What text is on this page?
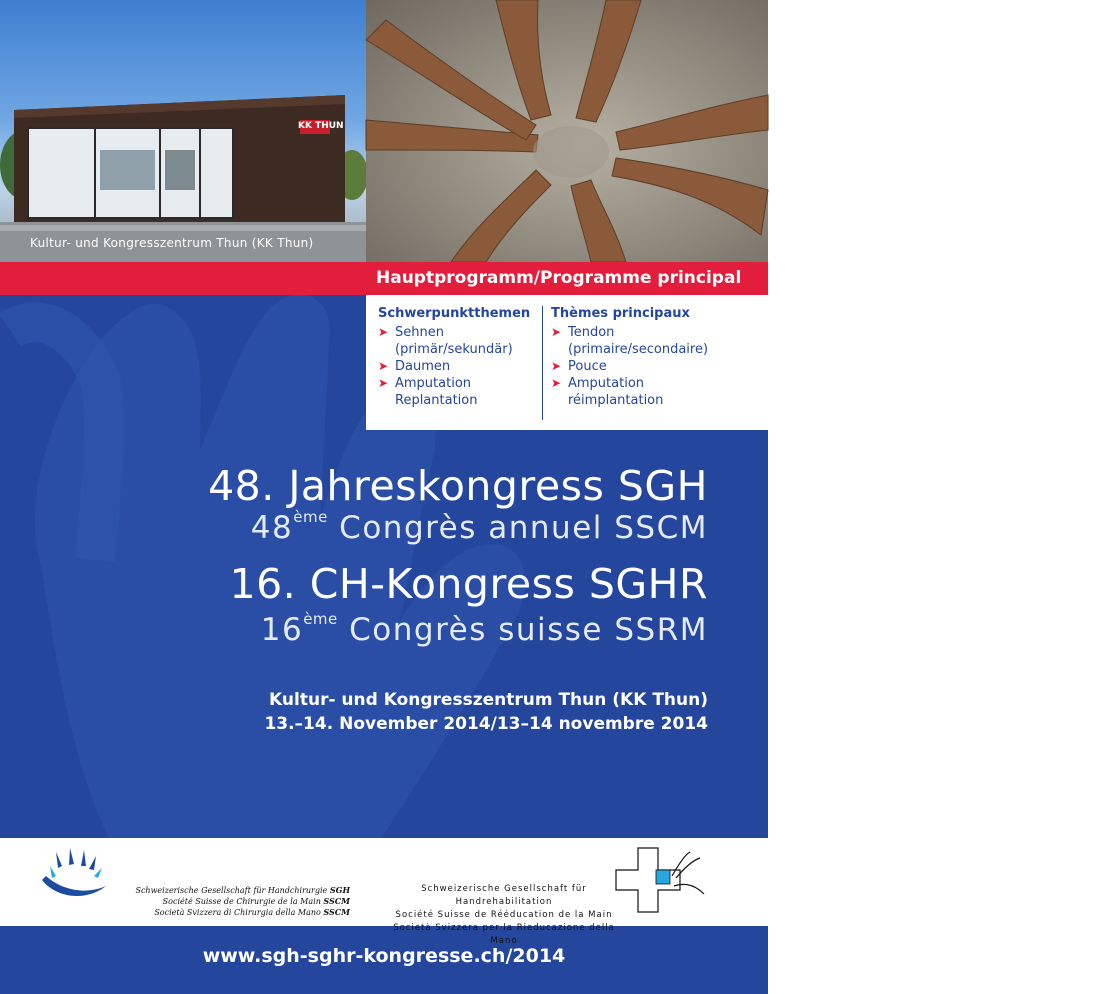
KK THUN
Kultur- und Kongresszentrum Thun (KK Thun)
© Atena Bosi, Payerne
Hauptprogramm/Programme principal
Schwerpunktthemen
➤ Sehnen
(primär/sekundär)
➤ Daumen
➤ Amputation
Replantation
Thèmes principaux
➤ Tendon
(primaire/secondaire)
➤ Pouce
➤ Amputation
réimplantation
48. Jahreskongress SGH
48ème Congrès annuel SSCM
16. CH-Kongress SGHR
16ème Congrès suisse SSRM
Kultur- und Kongresszentrum Thun (KK Thun)
13.–14. November 2014/13–14 novembre 2014
Schweizerische Gesellschaft für Handchirurgie SGH
Société Suisse de Chirurgie de la Main SSCM
Società Svizzera di Chirurgia della Mano SSCM
Schweizerische Gesellschaft für Handrehabilitation
Société Suisse de Rééducation de la Main
Società Svizzera per la Rieducazione della Mano
www.sgh-sghr-kongresse.ch/2014
